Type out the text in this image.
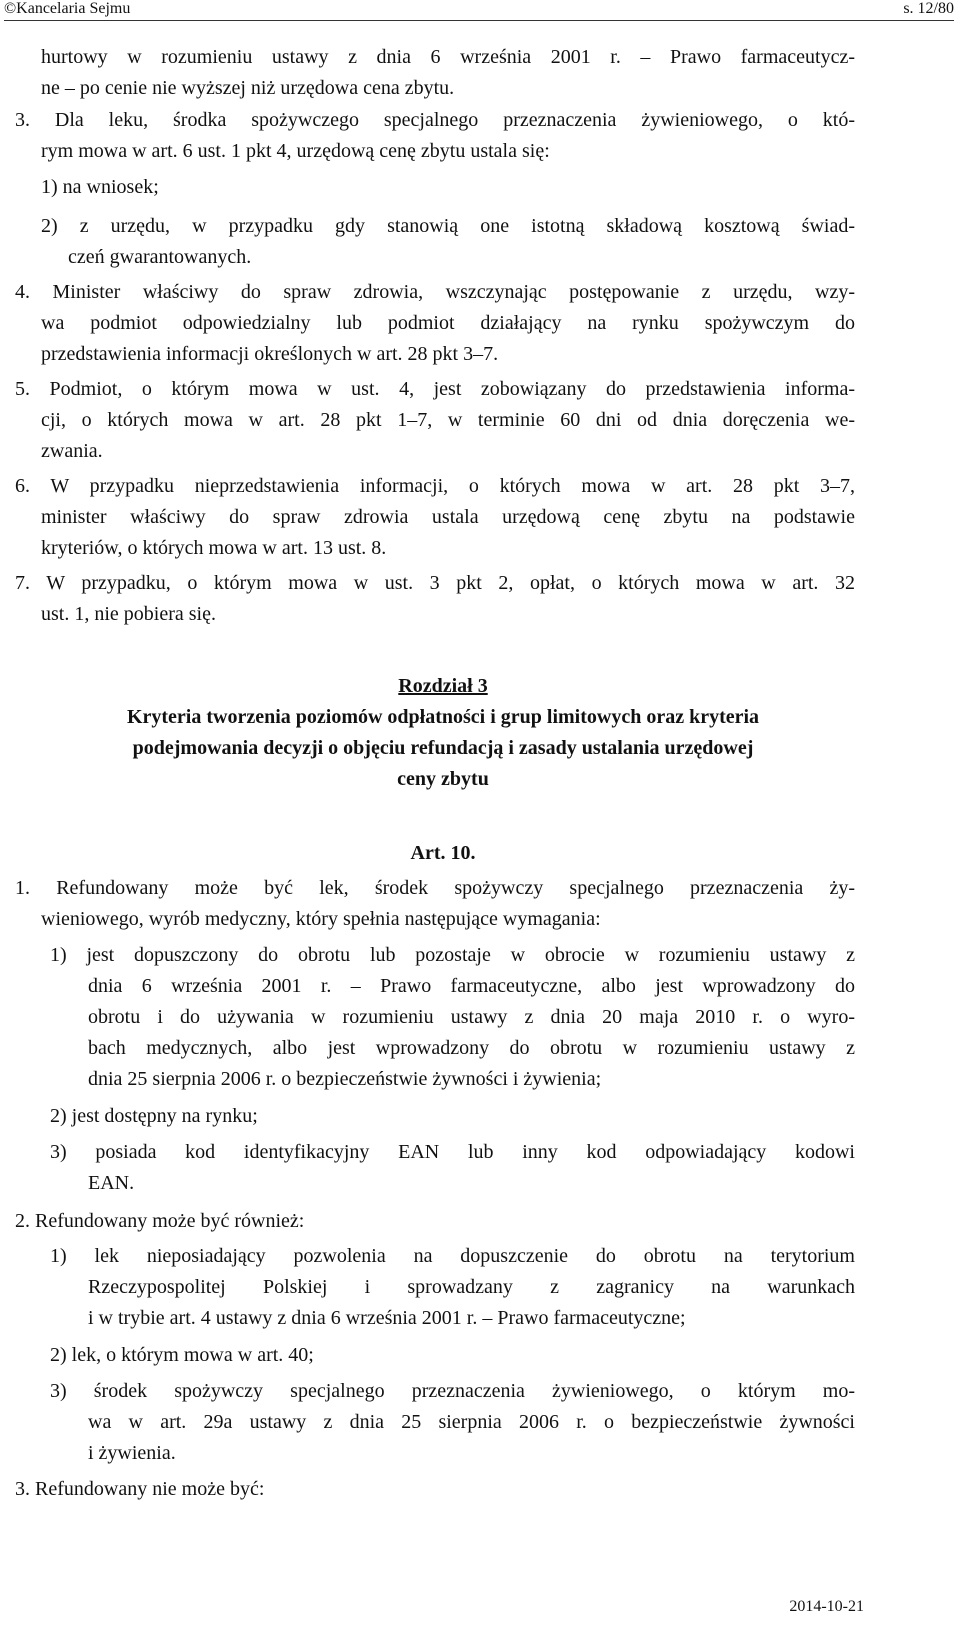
©Kancelaria Sejmu	s. 12/80
hurtowy w rozumieniu ustawy z dnia 6 września 2001 r. – Prawo farmaceutycz-
ne – po cenie nie wyższej niż urzędowa cena zbytu.
3. Dla leku, środka spożywczego specjalnego przeznaczenia żywieniowego, o któ-
rym mowa w art. 6 ust. 1 pkt 4, urzędową cenę zbytu ustala się:
1) na wniosek;
2) z urzędu, w przypadku gdy stanowią one istotną składową kosztową świad-
czeń gwarantowanych.
4. Minister właściwy do spraw zdrowia, wszczynając postępowanie z urzędu, wzy-
wa podmiot odpowiedzialny lub podmiot działający na rynku spożywczym do
przedstawienia informacji określonych w art. 28 pkt 3–7.
5. Podmiot, o którym mowa w ust. 4, jest zobowiązany do przedstawienia informa-
cji, o których mowa w art. 28 pkt 1–7, w terminie 60 dni od dnia doręczenia we-
zwania.
6. W przypadku nieprzedstawienia informacji, o których mowa w art. 28 pkt 3–7,
minister właściwy do spraw zdrowia ustala urzędową cenę zbytu na podstawie
kryteriów, o których mowa w art. 13 ust. 8.
7. W przypadku, o którym mowa w ust. 3 pkt 2, opłat, o których mowa w art. 32
ust. 1, nie pobiera się.
Rozdział 3
Kryteria tworzenia poziomów odpłatności i grup limitowych oraz kryteria
podejmowania decyzji o objęciu refundacją i zasady ustalania urzędowej
ceny zbytu
Art. 10.
1. Refundowany może być lek, środek spożywczy specjalnego przeznaczenia ży-
wieniowego, wyrób medyczny, który spełnia następujące wymagania:
1) jest dopuszczony do obrotu lub pozostaje w obrocie w rozumieniu ustawy z
dnia 6 września 2001 r. – Prawo farmaceutyczne, albo jest wprowadzony do
obrotu i do używania w rozumieniu ustawy z dnia 20 maja 2010 r. o wyro-
bach medycznych, albo jest wprowadzony do obrotu w rozumieniu ustawy z
dnia 25 sierpnia 2006 r. o bezpieczeństwie żywności i żywienia;
2) jest dostępny na rynku;
3) posiada kod identyfikacyjny EAN lub inny kod odpowiadający kodowi
EAN.
2. Refundowany może być również:
1) lek nieposiadający pozwolenia na dopuszczenie do obrotu na terytorium
Rzeczypospolitej Polskiej i sprowadzany z zagranicy na warunkach
i w trybie art. 4 ustawy z dnia 6 września 2001 r. – Prawo farmaceutyczne;
2) lek, o którym mowa w art. 40;
3) środek spożywczy specjalnego przeznaczenia żywieniowego, o którym mo-
wa w art. 29a ustawy z dnia 25 sierpnia 2006 r. o bezpieczeństwie żywności
i żywienia.
3. Refundowany nie może być:
2014-10-21
